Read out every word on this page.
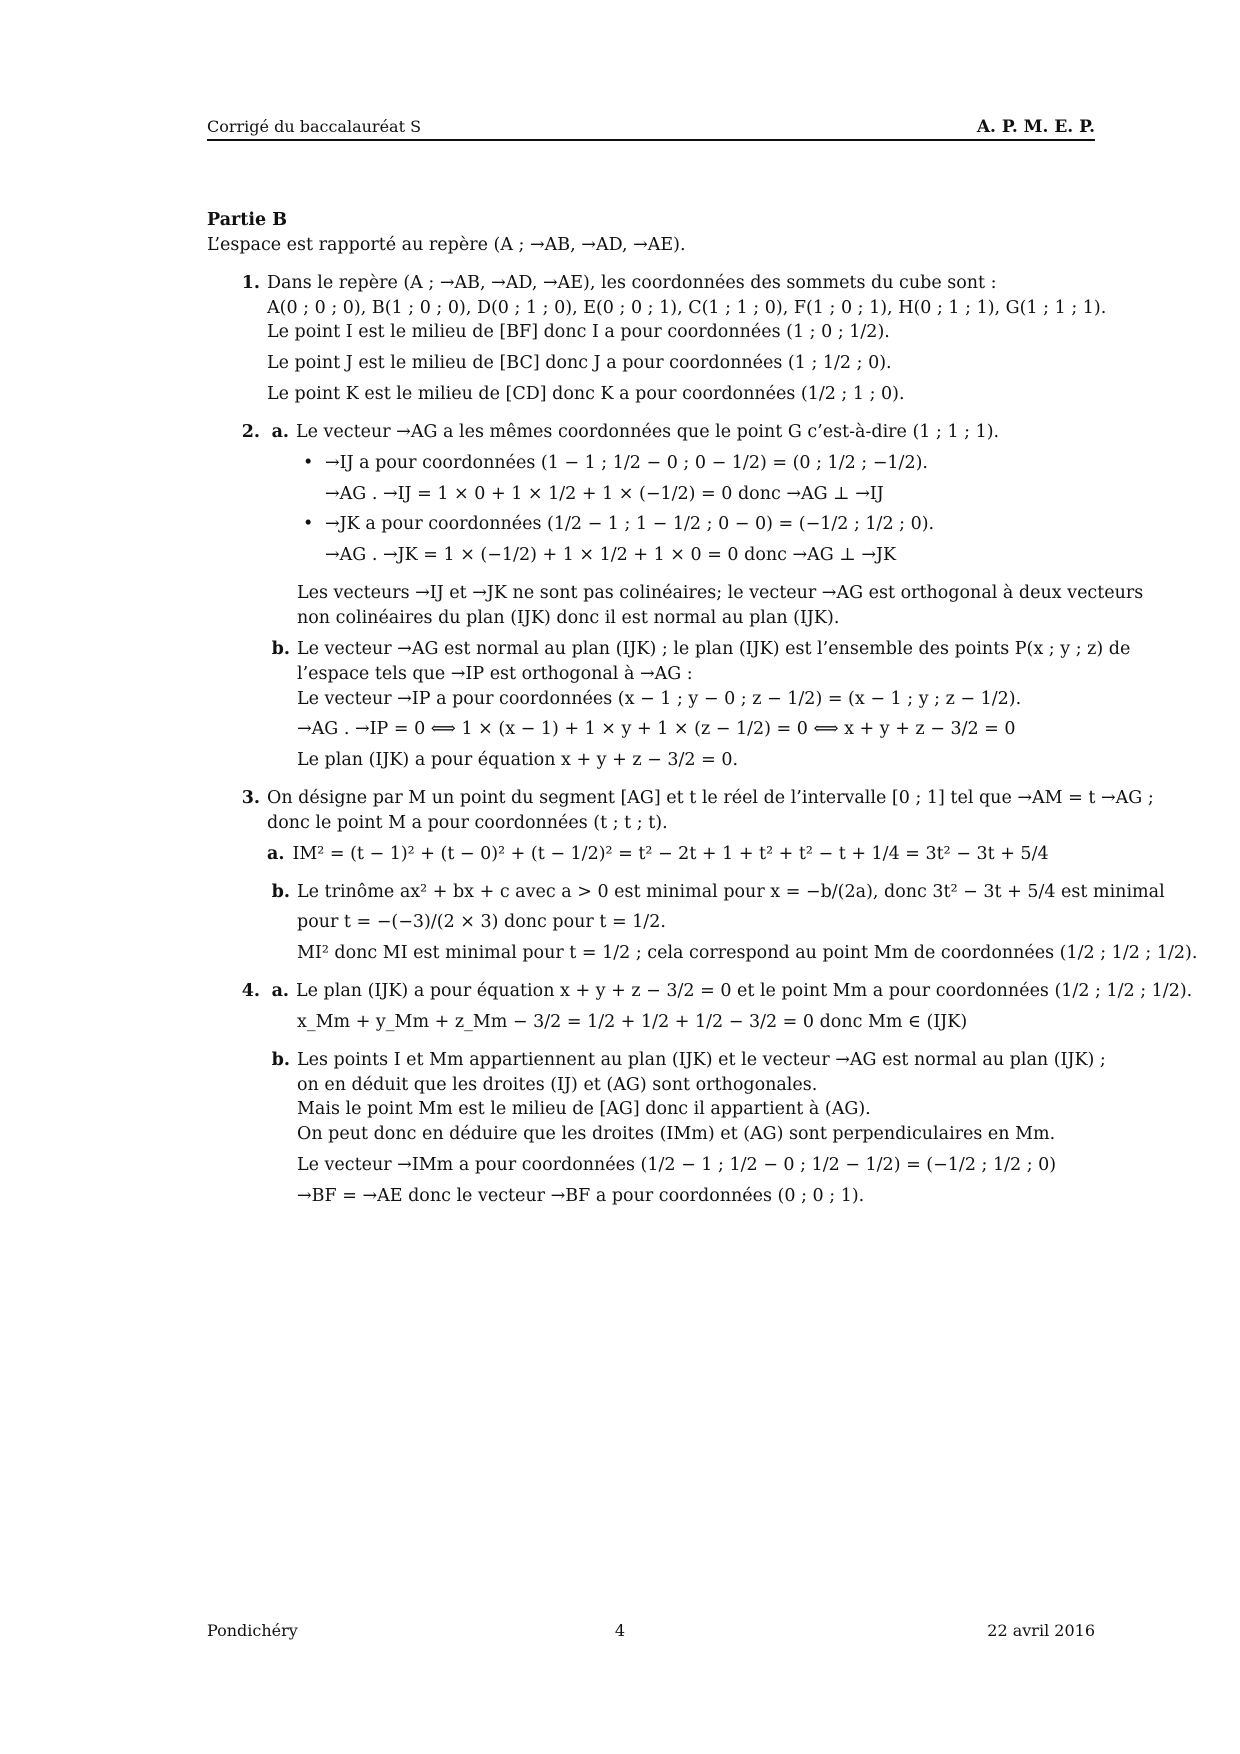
Corrigé du baccalauréat S	A. P. M. E. P.
Partie B
L’espace est rapporté au repère (A ; →AB, →AD, →AE).
1. Dans le repère (A ; →AB, →AD, →AE), les coordonnées des sommets du cube sont :
A(0 ; 0 ; 0), B(1 ; 0 ; 0), D(0 ; 1 ; 0), E(0 ; 0 ; 1), C(1 ; 1 ; 0), F(1 ; 0 ; 1), H(0 ; 1 ; 1), G(1 ; 1 ; 1).
Le point I est le milieu de [BF] donc I a pour coordonnées (1 ; 0 ; 1/2).
Le point J est le milieu de [BC] donc J a pour coordonnées (1 ; 1/2 ; 0).
Le point K est le milieu de [CD] donc K a pour coordonnées (1/2 ; 1 ; 0).
2. a. Le vecteur →AG a les mêmes coordonnées que le point G c’est-à-dire (1 ; 1 ; 1).
• →IJ a pour coordonnées (1 − 1 ; 1/2 − 0 ; 0 − 1/2) = (0 ; 1/2 ; −1/2).
→AG . →IJ = 1 × 0 + 1 × 1/2 + 1 × (−1/2) = 0 donc →AG ⊥ →IJ
• →JK a pour coordonnées (1/2 − 1 ; 1 − 1/2 ; 0 − 0) = (−1/2 ; 1/2 ; 0).
→AG . →JK = 1 × (−1/2) + 1 × 1/2 + 1 × 0 = 0 donc →AG ⊥ →JK
Les vecteurs →IJ et →JK ne sont pas colinéaires; le vecteur →AG est orthogonal à deux vecteurs
non colinéaires du plan (IJK) donc il est normal au plan (IJK).
b. Le vecteur →AG est normal au plan (IJK) ; le plan (IJK) est l’ensemble des points P(x ; y ; z) de
l’espace tels que →IP est orthogonal à →AG :
Le vecteur →IP a pour coordonnées (x − 1 ; y − 0 ; z − 1/2) = (x − 1 ; y ; z − 1/2).
→AG . →IP = 0 ⟺ 1 × (x − 1) + 1 × y + 1 × (z − 1/2) = 0 ⟺ x + y + z − 3/2 = 0
Le plan (IJK) a pour équation x + y + z − 3/2 = 0.
3. On désigne par M un point du segment [AG] et t le réel de l’intervalle [0 ; 1] tel que →AM = t →AG ;
donc le point M a pour coordonnées (t ; t ; t).
a. IM² = (t − 1)² + (t − 0)² + (t − 1/2)² = t² − 2t + 1 + t² + t² − t + 1/4 = 3t² − 3t + 5/4
b. Le trinôme ax² + bx + c avec a > 0 est minimal pour x = −b/(2a), donc 3t² − 3t + 5/4 est minimal
pour t = −(−3)/(2 × 3) donc pour t = 1/2.
MI² donc MI est minimal pour t = 1/2 ; cela correspond au point Mm de coordonnées (1/2 ; 1/2 ; 1/2).
4. a. Le plan (IJK) a pour équation x + y + z − 3/2 = 0 et le point Mm a pour coordonnées (1/2 ; 1/2 ; 1/2).
x_Mm + y_Mm + z_Mm − 3/2 = 1/2 + 1/2 + 1/2 − 3/2 = 0 donc Mm ∈ (IJK)
b. Les points I et Mm appartiennent au plan (IJK) et le vecteur →AG est normal au plan (IJK) ;
on en déduit que les droites (IJ) et (AG) sont orthogonales.
Mais le point Mm est le milieu de [AG] donc il appartient à (AG).
On peut donc en déduire que les droites (IMm) et (AG) sont perpendiculaires en Mm.
Le vecteur →IMm a pour coordonnées (1/2 − 1 ; 1/2 − 0 ; 1/2 − 1/2) = (−1/2 ; 1/2 ; 0)
→BF = →AE donc le vecteur →BF a pour coordonnées (0 ; 0 ; 1).
Pondichéry	4	22 avril 2016
